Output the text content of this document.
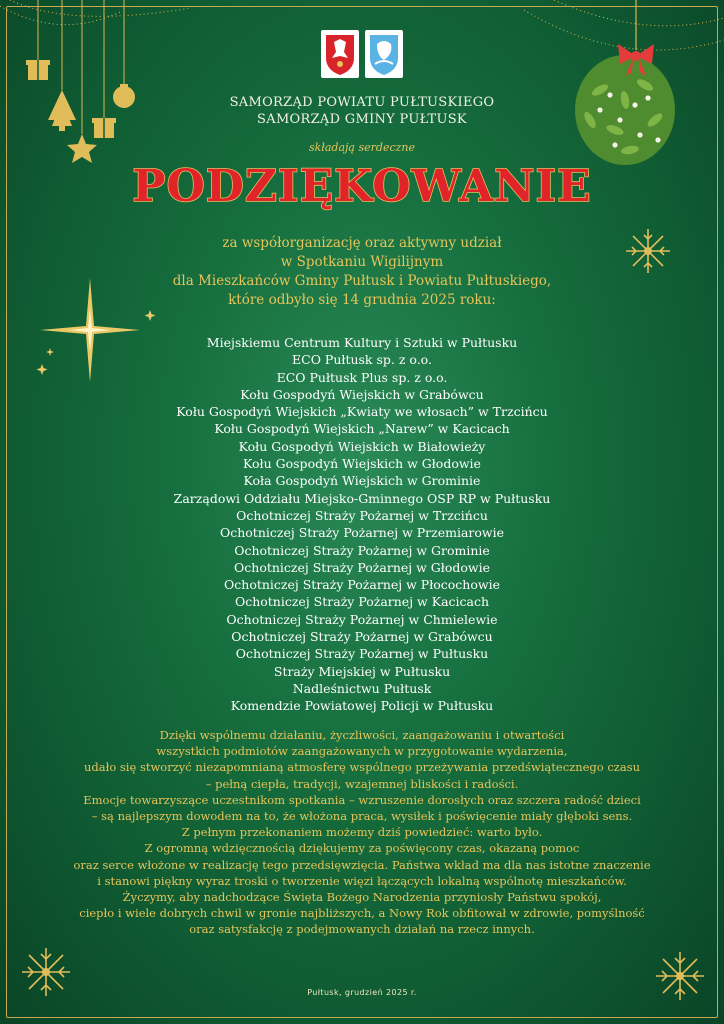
SAMORZĄD POWIATU PUŁTUSKIEGO
SAMORZĄD GMINY PUŁTUSK
składają serdeczne
PODZIĘKOWANIE
za współorganizację oraz aktywny udział
w Spotkaniu Wigilijnym
dla Mieszkańców Gminy Pułtusk i Powiatu Pułtuskiego,
które odbyło się 14 grudnia 2025 roku:
Miejskiemu Centrum Kultury i Sztuki w Pułtusku
ECO Pułtusk sp. z o.o.
ECO Pułtusk Plus sp. z o.o.
Kołu Gospodyń Wiejskich w Grabówcu
Kołu Gospodyń Wiejskich „Kwiaty we włosach” w Trzcińcu
Kołu Gospodyń Wiejskich „Narew” w Kacicach
Kołu Gospodyń Wiejskich w Białowieży
Kołu Gospodyń Wiejskich w Głodowie
Koła Gospodyń Wiejskich w Grominie
Zarządowi Oddziału Miejsko-Gminnego OSP RP w Pułtusku
Ochotniczej Straży Pożarnej w Trzcińcu
Ochotniczej Straży Pożarnej w Przemiarowie
Ochotniczej Straży Pożarnej w Grominie
Ochotniczej Straży Pożarnej w Głodowie
Ochotniczej Straży Pożarnej w Płocochowie
Ochotniczej Straży Pożarnej w Kacicach
Ochotniczej Straży Pożarnej w Chmielewie
Ochotniczej Straży Pożarnej w Grabówcu
Ochotniczej Straży Pożarnej w Pułtusku
Straży Miejskiej w Pułtusku
Nadleśnictwu Pułtusk
Komendzie Powiatowej Policji w Pułtusku
Dzięki wspólnemu działaniu, życzliwości, zaangażowaniu i otwartości
wszystkich podmiotów zaangażowanych w przygotowanie wydarzenia,
udało się stworzyć niezapomnianą atmosferę wspólnego przeżywania przedświątecznego czasu
– pełną ciepła, tradycji, wzajemnej bliskości i radości.
Emocje towarzyszące uczestnikom spotkania – wzruszenie dorosłych oraz szczera radość dzieci
– są najlepszym dowodem na to, że włożona praca, wysiłek i poświęcenie miały głęboki sens.
Z pełnym przekonaniem możemy dziś powiedzieć: warto było.
Z ogromną wdzięcznością dziękujemy za poświęcony czas, okazaną pomoc
oraz serce włożone w realizację tego przedsięwzięcia. Państwa wkład ma dla nas istotne znaczenie
i stanowi piękny wyraz troski o tworzenie więzi łączących lokalną wspólnotę mieszkańców.
Życzymy, aby nadchodzące Święta Bożego Narodzenia przyniosły Państwu spokój,
ciepło i wiele dobrych chwil w gronie najbliższych, a Nowy Rok obfitował w zdrowie, pomyślność
oraz satysfakcję z podejmowanych działań na rzecz innych.
Pułtusk, grudzień 2025 r.
